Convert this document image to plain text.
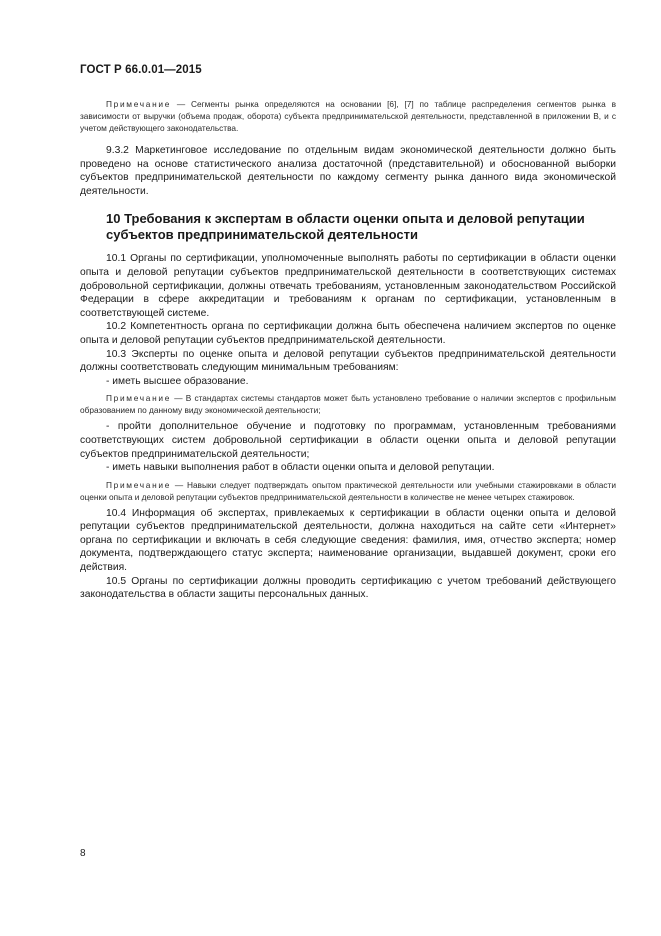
ГОСТ Р 66.0.01—2015

Примечание — Сегменты рынка определяются на основании [6], [7] по таблице распределения сегментов рынка в зависимости от выручки (объема продаж, оборота) субъекта предпринимательской деятельности, представленной в приложении В, и с учетом действующего законодательства.

9.3.2 Маркетинговое исследование по отдельным видам экономической деятельности должно быть проведено на основе статистического анализа достаточной (представительной) и обоснованной выборки субъектов предпринимательской деятельности по каждому сегменту рынка данного вида экономической деятельности.

10 Требования к экспертам в области оценки опыта и деловой репутации субъектов предпринимательской деятельности

10.1 Органы по сертификации, уполномоченные выполнять работы по сертификации в области оценки опыта и деловой репутации субъектов предпринимательской деятельности в соответствующих системах добровольной сертификации, должны отвечать требованиям, установленным законодательством Российской Федерации в сфере аккредитации и требованиям к органам по сертификации, установленным в соответствующей системе.

10.2 Компетентность органа по сертификации должна быть обеспечена наличием экспертов по оценке опыта и деловой репутации субъектов предпринимательской деятельности.

10.3 Эксперты по оценке опыта и деловой репутации субъектов предпринимательской деятельности должны соответствовать следующим минимальным требованиям:

- иметь высшее образование.

Примечание — В стандартах системы стандартов может быть установлено требование о наличии экспертов с профильным образованием по данному виду экономической деятельности;

- пройти дополнительное обучение и подготовку по программам, установленным требованиями соответствующих систем добровольной сертификации в области оценки опыта и деловой репутации субъектов предпринимательской деятельности;

- иметь навыки выполнения работ в области оценки опыта и деловой репутации.

Примечание — Навыки следует подтверждать опытом практической деятельности или учебными стажировками в области оценки опыта и деловой репутации субъектов предпринимательской деятельности в количестве не менее четырех стажировок.

10.4 Информация об экспертах, привлекаемых к сертификации в области оценки опыта и деловой репутации субъектов предпринимательской деятельности, должна находиться на сайте сети «Интернет» органа по сертификации и включать в себя следующие сведения: фамилия, имя, отчество эксперта; номер документа, подтверждающего статус эксперта; наименование организации, выдавшей документ, сроки его действия.

10.5 Органы по сертификации должны проводить сертификацию с учетом требований действующего законодательства в области защиты персональных данных.

8
